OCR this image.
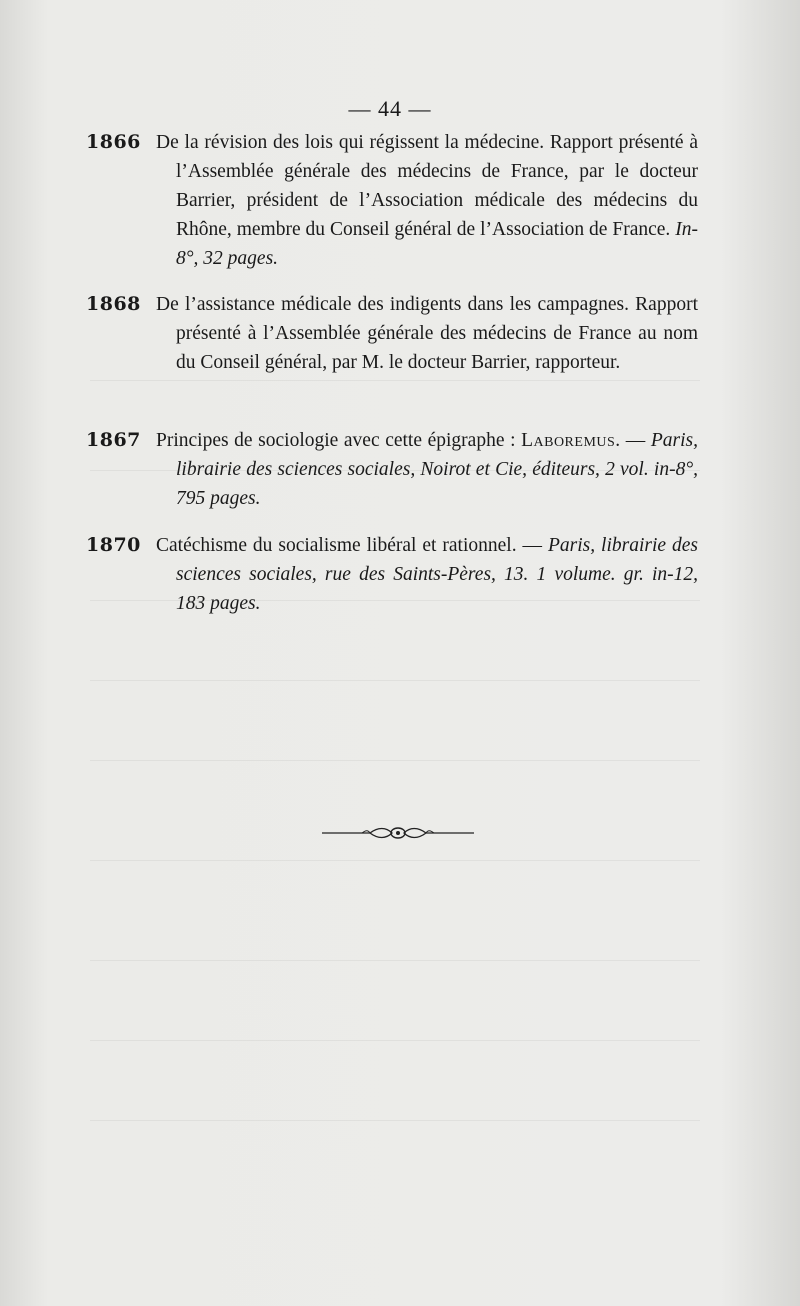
— 44 —
1866 De la révision des lois qui régissent la médecine. Rapport présenté à l’Assemblée générale des médecins de France, par le docteur Barrier, président de l’Association médicale des médecins du Rhône, membre du Conseil général de l’Association de France. In-8°, 32 pages.
1868 De l’assistance médicale des indigents dans les campagnes. Rapport présenté à l’Assemblée générale des médecins de France au nom du Conseil général, par M. le docteur Barrier, rapporteur.
1867 Principes de sociologie avec cette épigraphe : Laboremus. — Paris, librairie des sciences sociales, Noirot et Cie, éditeurs, 2 vol. in-8°, 795 pages.
1870 Catéchisme du socialisme libéral et rationnel. — Paris, librairie des sciences sociales, rue des Saints-Pères, 13. 1 volume. gr. in-12, 183 pages.
